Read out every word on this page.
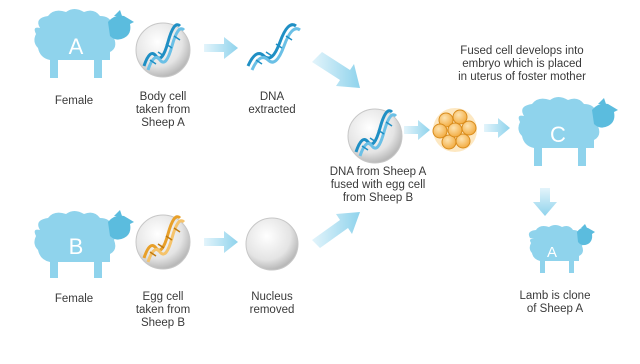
A
B
C
A
Female	Body cell
taken from
Sheep A
DNA
extracted
Fused cell develops into
embryo which is placed
in uterus of foster mother
DNA from Sheep A
fused with egg cell
from Sheep B
Female	Egg cell
taken from
Sheep B
Nucleus
removed
Lamb is clone
of Sheep A
